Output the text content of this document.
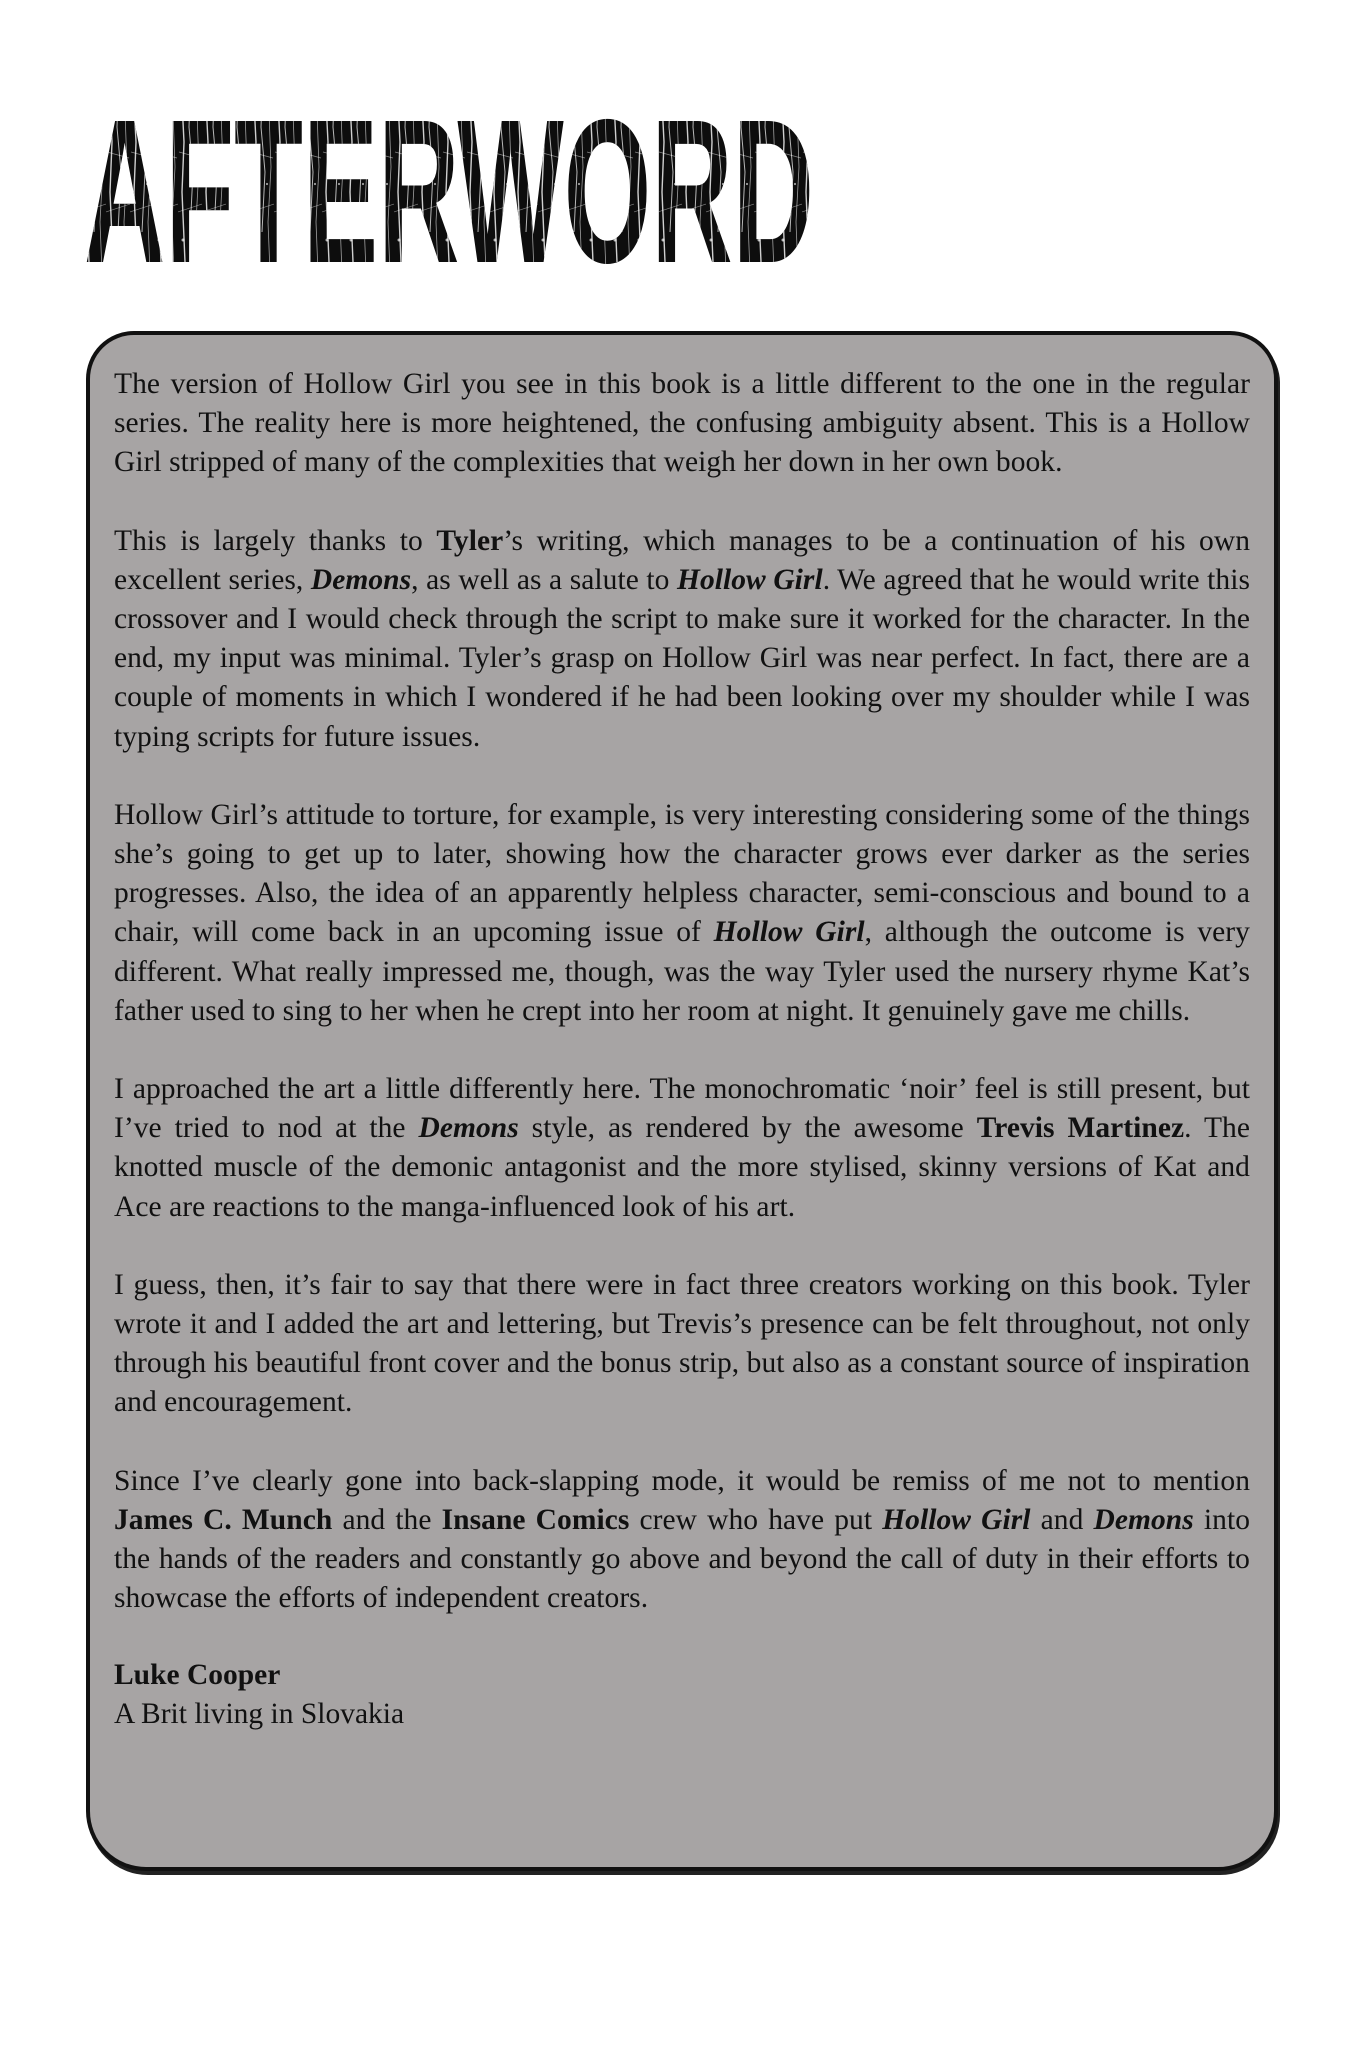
AFTERWORD
AFTERWORD

The version of Hollow Girl you see in this book is a little different to the one in the regular series. The reality here is more heightened, the confusing ambiguity absent. This is a Hollow Girl stripped of many of the complexities that weigh her down in her own book.

This is largely thanks to Tyler’s writing, which manages to be a continuation of his own excellent series, Demons, as well as a salute to Hollow Girl. We agreed that he would write this crossover and I would check through the script to make sure it worked for the character. In the end, my input was minimal. Tyler’s grasp on Hollow Girl was near perfect. In fact, there are a couple of moments in which I wondered if he had been looking over my shoulder while I was typing scripts for future issues.

Hollow Girl’s attitude to torture, for example, is very interesting considering some of the things she’s going to get up to later, showing how the character grows ever darker as the series progresses. Also, the idea of an apparently helpless character, semi-conscious and bound to a chair, will come back in an upcoming issue of Hollow Girl, although the outcome is very different. What really impressed me, though, was the way Tyler used the nursery rhyme Kat’s father used to sing to her when he crept into her room at night. It genuinely gave me chills.

I approached the art a little differently here. The monochromatic ‘noir’ feel is still present, but I’ve tried to nod at the Demons style, as rendered by the awesome Trevis Martinez. The knotted muscle of the demonic antagonist and the more stylised, skinny versions of Kat and Ace are reactions to the manga-influenced look of his art.

I guess, then, it’s fair to say that there were in fact three creators working on this book. Tyler wrote it and I added the art and lettering, but Trevis’s presence can be felt throughout, not only through his beautiful front cover and the bonus strip, but also as a constant source of inspiration and encouragement.

Since I’ve clearly gone into back-slapping mode, it would be remiss of me not to mention James C. Munch and the Insane Comics crew who have put Hollow Girl and Demons into the hands of the readers and constantly go above and beyond the call of duty in their efforts to showcase the efforts of independent creators.

Luke Cooper
A Brit living in Slovakia
